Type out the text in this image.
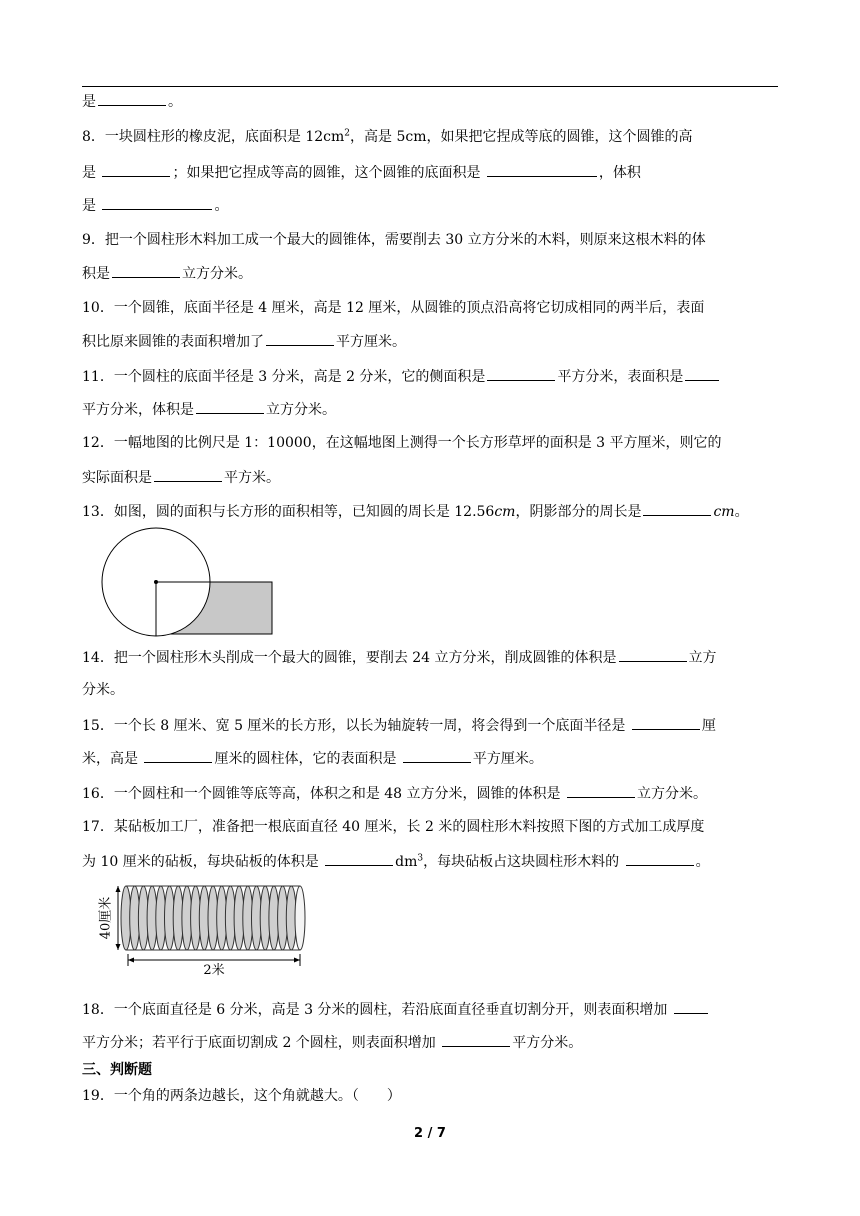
是	。
8．一块圆柱形的橡皮泥，底面积是 $12cm^2$，高是 5cm，如果把它捏成等底的圆锥，这个圆锥的高
是	；如果把它捏成等高的圆锥，这个圆锥的底面积是	，体积
是	。
9．把一个圆柱形木料加工成一个最大的圆锥体，需要削去 30 立方分米的木料，则原来这根木料的体
积是	立方分米。
10．一个圆锥，底面半径是 4 厘米，高是 12 厘米，从圆锥的顶点沿高将它切成相同的两半后，表面
积比原来圆锥的表面积增加了	平方厘米。
11．一个圆柱的底面半径是 3 分米，高是 2 分米，它的侧面积是	平方分米，表面积是
平方分米，体积是	立方分米。
12．一幅地图的比例尺是 1：10000，在这幅地图上测得一个长方形草坪的面积是 3 平方厘米，则它的
实际面积是	平方米。
13．如图，圆的面积与长方形的面积相等，已知圆的周长是 12.56cm，阴影部分的周长是	cm。
14．把一个圆柱形木头削成一个最大的圆锥，要削去 24 立方分米，削成圆锥的体积是	立方
分米。
15．一个长 8 厘米、宽 5 厘米的长方形，以长为轴旋转一周，将会得到一个底面半径是	厘
米，高是	厘米的圆柱体，它的表面积是	平方厘米。
16．一个圆柱和一个圆锥等底等高，体积之和是 48 立方分米，圆锥的体积是	立方分米。
17．某砧板加工厂，准备把一根底面直径 40 厘米，长 2 米的圆柱形木料按照下图的方式加工成厚度
为 10 厘米的砧板，每块砧板的体积是	$dm^3$，每块砧板占这块圆柱形木料的	。
40厘米
2米
18．一个底面直径是 6 分米，高是 3 分米的圆柱，若沿底面直径垂直切割分开，则表面积增加
平方分米；若平行于底面切割成 2 个圆柱，则表面积增加	平方分米。
三、判断题
19．一个角的两条边越长，这个角就越大。（　　）
2 / 7
